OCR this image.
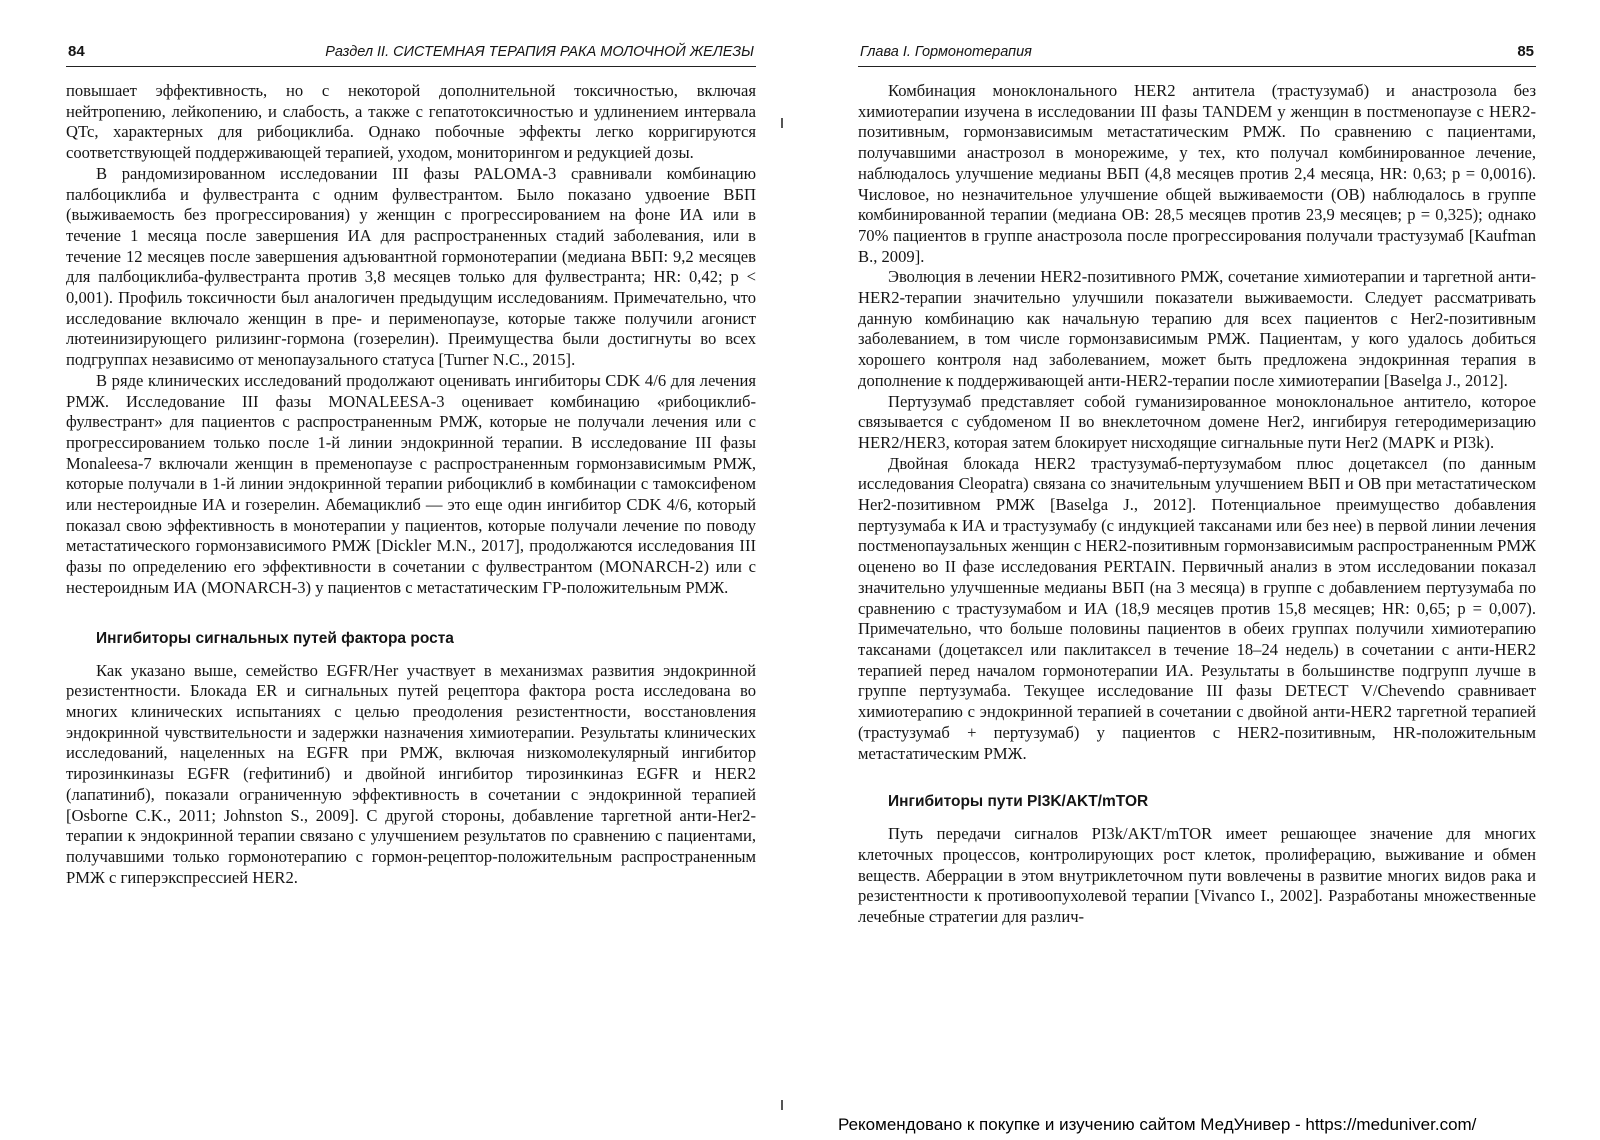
84	Раздел II. СИСТЕМНАЯ ТЕРАПИЯ РАКА МОЛОЧНОЙ ЖЕЛЕЗЫ

повышает эффективность, но с некоторой дополнительной токсичностью, включая нейтропению, лейкопению, и слабость, а также с гепатотоксичностью и удлинением интервала QTc, характерных для рибоциклиба. Однако побочные эффекты легко корригируются соответствующей поддерживающей терапией, уходом, мониторингом и редукцией дозы.

В рандомизированном исследовании III фазы PALOMA-3 сравнивали комбинацию палбоциклиба и фулвестранта с одним фулвестрантом. Было показано удвоение ВБП (выживаемость без прогрессирования) у женщин с прогрессированием на фоне ИА или в течение 1 месяца после завершения ИА для распространенных стадий заболевания, или в течение 12 месяцев после завершения адъювантной гормонотерапии (медиана ВБП: 9,2 месяцев для палбоциклиба-фулвестранта против 3,8 месяцев только для фулвестранта; HR: 0,42; p < 0,001). Профиль токсичности был аналогичен предыдущим исследованиям. Примечательно, что исследование включало женщин в пре- и перименопаузе, которые также получили агонист лютеинизирующего рилизинг-гормона (гозерелин). Преимущества были достигнуты во всех подгруппах независимо от менопаузального статуса [Turner N.C., 2015].

В ряде клинических исследований продолжают оценивать ингибиторы CDK 4/6 для лечения РМЖ. Исследование III фазы MONALEESA-3 оценивает комбинацию «рибоциклиб-фулвестрант» для пациентов с распространенным РМЖ, которые не получали лечения или с прогрессированием только после 1-й линии эндокринной терапии. В исследование III фазы Monaleesa-7 включали женщин в пременопаузе с распространенным гормонзависимым РМЖ, которые получали в 1-й линии эндокринной терапии рибоциклиб в комбинации с тамоксифеном или нестероидные ИА и гозерелин. Абемациклиб — это еще один ингибитор CDK 4/6, который показал свою эффективность в монотерапии у пациентов, которые получали лечение по поводу метастатического гормонзависимого РМЖ [Dickler M.N., 2017], продолжаются исследования III фазы по определению его эффективности в сочетании с фулвестрантом (MONARCH-2) или с нестероидным ИА (MONARCH-3) у пациентов с метастатическим ГР-положительным РМЖ.

Ингибиторы сигнальных путей фактора роста

Как указано выше, семейство EGFR/Her участвует в механизмах развития эндокринной резистентности. Блокада ER и сигнальных путей рецептора фактора роста исследована во многих клинических испытаниях с целью преодоления резистентности, восстановления эндокринной чувствительности и задержки назначения химиотерапии. Результаты клинических исследований, нацеленных на EGFR при РМЖ, включая низкомолекулярный ингибитор тирозинкиназы EGFR (гефитиниб) и двойной ингибитор тирозинкиназ EGFR и HER2 (лапатиниб), показали ограниченную эффективность в сочетании с эндокринной терапией [Osborne C.K., 2011; Johnston S., 2009]. С другой стороны, добавление таргетной анти-Her2-терапии к эндокринной терапии связано с улучшением результатов по сравнению с пациентами, получавшими только гормонотерапию с гормон-рецептор-положительным распространенным РМЖ с гиперэкспрессией HER2.

Глава I. Гормонотерапия	85

Комбинация моноклонального HER2 антитела (трастузумаб) и анастрозола без химиотерапии изучена в исследовании III фазы TANDEM у женщин в постменопаузе с HER2-позитивным, гормонзависимым метастатическим РМЖ. По сравнению с пациентами, получавшими анастрозол в монорежиме, у тех, кто получал комбинированное лечение, наблюдалось улучшение медианы ВБП (4,8 месяцев против 2,4 месяца, HR: 0,63; p = 0,0016). Числовое, но незначительное улучшение общей выживаемости (ОВ) наблюдалось в группе комбинированной терапии (медиана ОВ: 28,5 месяцев против 23,9 месяцев; p = 0,325); однако 70% пациентов в группе анастрозола после прогрессирования получали трастузумаб [Kaufman B., 2009].

Эволюция в лечении HER2-позитивного РМЖ, сочетание химиотерапии и таргетной анти-HER2-терапии значительно улучшили показатели выживаемости. Следует рассматривать данную комбинацию как начальную терапию для всех пациентов с Her2-позитивным заболеванием, в том числе гормонзависимым РМЖ. Пациентам, у кого удалось добиться хорошего контроля над заболеванием, может быть предложена эндокринная терапия в дополнение к поддерживающей анти-HER2-терапии после химиотерапии [Baselga J., 2012].

Пертузумаб представляет собой гуманизированное моноклональное антитело, которое связывается с субдоменом II во внеклеточном домене Her2, ингибируя гетеродимеризацию HER2/HER3, которая затем блокирует нисходящие сигнальные пути Her2 (MAPK и PI3k).

Двойная блокада HER2 трастузумаб-пертузумабом плюс доцетаксел (по данным исследования Cleopatra) связана со значительным улучшением ВБП и ОВ при метастатическом Her2-позитивном РМЖ [Baselga J., 2012]. Потенциальное преимущество добавления пертузумаба к ИА и трастузумабу (с индукцией таксанами или без нее) в первой линии лечения постменопаузальных женщин с HER2-позитивным гормонзависимым распространенным РМЖ оценено во II фазе исследования PERTAIN. Первичный анализ в этом исследовании показал значительно улучшенные медианы ВБП (на 3 месяца) в группе с добавлением пертузумаба по сравнению с трастузумабом и ИА (18,9 месяцев против 15,8 месяцев; HR: 0,65; p = 0,007). Примечательно, что больше половины пациентов в обеих группах получили химиотерапию таксанами (доцетаксел или паклитаксел в течение 18–24 недель) в сочетании с анти-HER2 терапией перед началом гормонотерапии ИА. Результаты в большинстве подгрупп лучше в группе пертузумаба. Текущее исследование III фазы DETECT V/Chevendo сравнивает химиотерапию с эндокринной терапией в сочетании с двойной анти-HER2 таргетной терапией (трастузумаб + пертузумаб) у пациентов с HER2-позитивным, HR-положительным метастатическим РМЖ.

Ингибиторы пути PI3K/AKT/mTOR

Путь передачи сигналов PI3k/AKT/mTOR имеет решающее значение для многих клеточных процессов, контролирующих рост клеток, пролиферацию, выживание и обмен веществ. Аберрации в этом внутриклеточном пути вовлечены в развитие многих видов рака и резистентности к противоопухолевой терапии [Vivanco I., 2002]. Разработаны множественные лечебные стратегии для различ-

Рекомендовано к покупке и изучению сайтом МедУнивер - https://meduniver.com/
